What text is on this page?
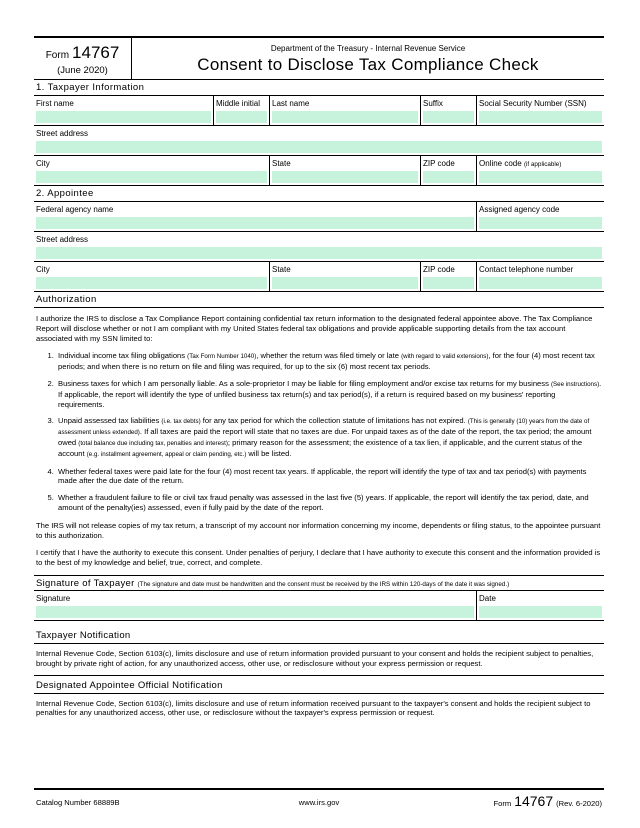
Form 14767
(June 2020)
Department of the Treasury - Internal Revenue Service
Consent to Disclose Tax Compliance Check
1. Taxpayer Information
First name	Middle initial	Last name	Suffix	Social Security Number (SSN)
Street address
City	State	ZIP code	Online code (if applicable)
2. Appointee
Federal agency name	Assigned agency code
Street address
City	State	ZIP code	Contact telephone number
Authorization

I authorize the IRS to disclose a Tax Compliance Report containing confidential tax return information to the designated federal appointee above. The Tax Compliance Report will disclose whether or not I am compliant with my United States federal tax obligations and provide applicable supporting details from the tax account associated with my SSN limited to:

1. Individual income tax filing obligations (Tax Form Number 1040), whether the return was filed timely or late (with regard to valid extensions), for the four (4) most recent tax periods; and when there is no return on file and filing was required, for up to the six (6) most recent tax periods.
2. Business taxes for which I am personally liable. As a sole-proprietor I may be liable for filing employment and/or excise tax returns for my business (See instructions). If applicable, the report will identify the type of unfiled business tax return(s) and tax period(s), if a return is required based on my business' reporting requirements.
3. Unpaid assessed tax liabilities (i.e. tax debts) for any tax period for which the collection statute of limitations has not expired. (This is generally (10) years from the date of assessment unless extended). If all taxes are paid the report will state that no taxes are due. For unpaid taxes as of the date of the report, the tax period; the amount owed (total balance due including tax, penalties and interest); primary reason for the assessment; the existence of a tax lien, if applicable, and the current status of the account (e.g. installment agreement, appeal or claim pending, etc.) will be listed.
4. Whether federal taxes were paid late for the four (4) most recent tax years. If applicable, the report will identify the type of tax and tax period(s) with payments made after the due date of the return.
5. Whether a fraudulent failure to file or civil tax fraud penalty was assessed in the last five (5) years. If applicable, the report will identify the tax period, date, and amount of the penalty(ies) assessed, even if fully paid by the date of the report.

The IRS will not release copies of my tax return, a transcript of my account nor information concerning my income, dependents or filing status, to the appointee pursuant to this authorization.

I certify that I have the authority to execute this consent. Under penalties of perjury, I declare that I have authority to execute this consent and the information provided is to the best of my knowledge and belief, true, correct, and complete.

Signature of Taxpayer (The signature and date must be handwritten and the consent must be received by the IRS within 120-days of the date it was signed.)
Signature	Date
Taxpayer Notification
Internal Revenue Code, Section 6103(c), limits disclosure and use of return information provided pursuant to your consent and holds the recipient subject to penalties, brought by private right of action, for any unauthorized access, other use, or redisclosure without your express permission or request.
Designated Appointee Official Notification
Internal Revenue Code, Section 6103(c), limits disclosure and use of return information received pursuant to the taxpayer's consent and holds the recipient subject to penalties for any unauthorized access, other use, or redisclosure without the taxpayer's express permission or request.
Catalog Number 68889B	www.irs.gov	Form 14767 (Rev. 6-2020)
